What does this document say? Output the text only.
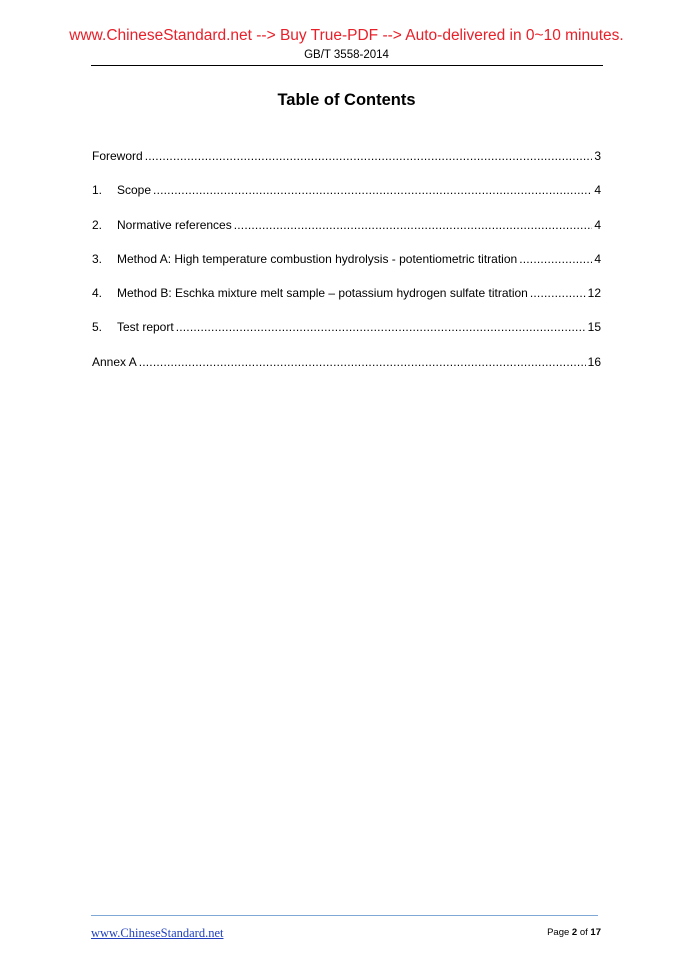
www.ChineseStandard.net --> Buy True-PDF --> Auto-delivered in 0~10 minutes.
GB/T 3558-2014
Table of Contents
Foreword .....	3
1.	Scope .....	4
2.	Normative references .....	4
3.	Method A: High temperature combustion hydrolysis - potentiometric titration .....	4
4.	Method B: Eschka mixture melt sample – potassium hydrogen sulfate titration .....	12
5.	Test report .....	15
Annex A .....	16
www.ChineseStandard.net	Page 2 of 17
